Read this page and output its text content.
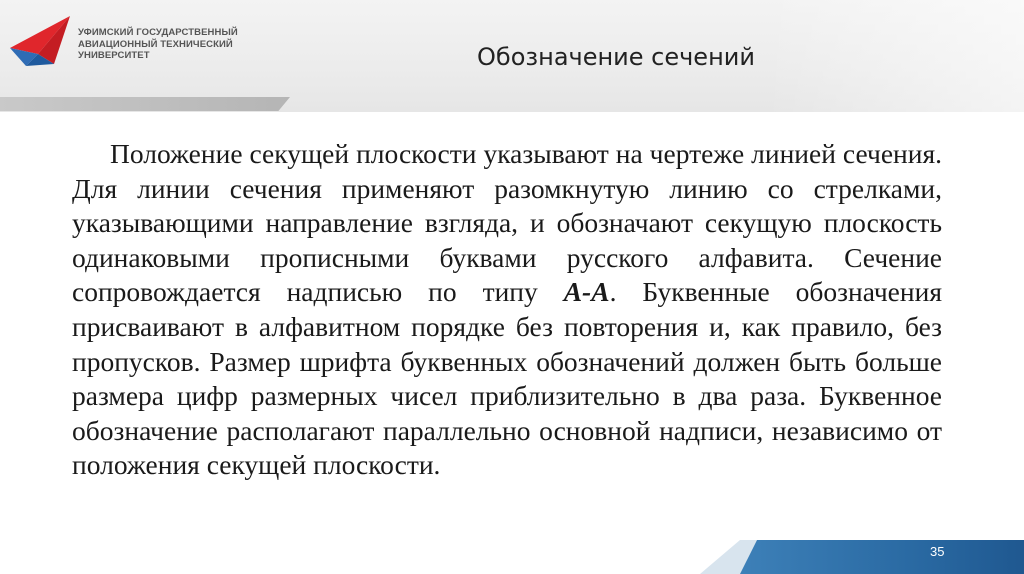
УФИМСКИЙ ГОСУДАРСТВЕННЫЙ
АВИАЦИОННЫЙ ТЕХНИЧЕСКИЙ
УНИВЕРСИТЕТ	Обозначение сечений

Положение секущей плоскости указывают на чертеже линией сечения. Для линии сечения применяют разомкнутую линию со стрелками, указывающими направление взгляда, и обозначают секущую плоскость одинаковыми прописными буквами русского алфавита. Сечение сопровождается надписью по типу А-А. Буквенные обозначения присваивают в алфавитном порядке без повторения и, как правило, без пропусков. Размер шрифта буквенных обозначений должен быть больше размера цифр размерных чисел приблизительно в два раза. Буквенное обозначение располагают параллельно основной надписи, независимо от положения секущей плоскости.

35
